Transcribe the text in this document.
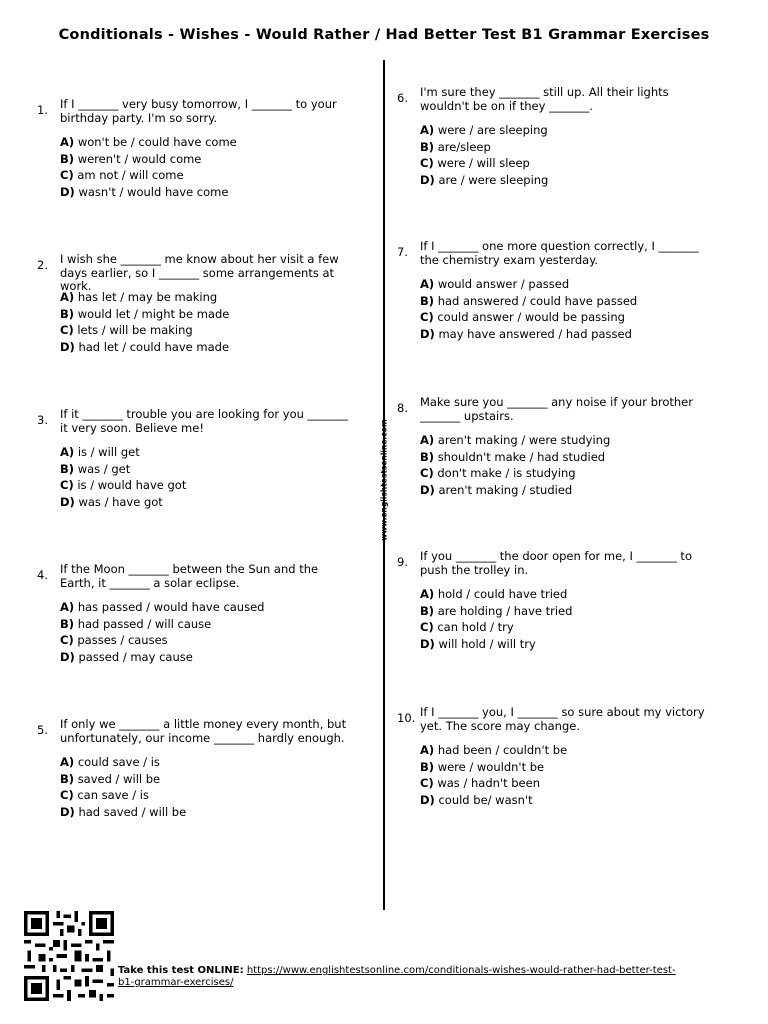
Conditionals - Wishes - Would Rather / Had Better Test B1 Grammar Exercises
www.englishtestsonline.com
1. If I _______ very busy tomorrow, I _______ to your birthday party. I'm so sorry.
A) won't be / could have come
B) weren't / would come
C) am not / will come
D) wasn't / would have come
2. I wish she _______ me know about her visit a few days earlier, so I _______ some arrangements at work.
A) has let / may be making
B) would let / might be made
C) lets / will be making
D) had let / could have made
3. If it _______ trouble you are looking for you _______ it very soon. Believe me!
A) is / will get
B) was / get
C) is / would have got
D) was / have got
4. If the Moon _______ between the Sun and the Earth, it _______ a solar eclipse.
A) has passed / would have caused
B) had passed / will cause
C) passes / causes
D) passed / may cause
5. If only we _______ a little money every month, but unfortunately, our income _______ hardly enough.
A) could save / is
B) saved / will be
C) can save / is
D) had saved / will be
6. I'm sure they _______ still up. All their lights wouldn't be on if they _______.
A) were / are sleeping
B) are/sleep
C) were / will sleep
D) are / were sleeping
7. If I _______ one more question correctly, I _______ the chemistry exam yesterday.
A) would answer / passed
B) had answered / could have passed
C) could answer / would be passing
D) may have answered / had passed
8. Make sure you _______ any noise if your brother _______ upstairs.
A) aren't making / were studying
B) shouldn't make / had studied
C) don't make / is studying
D) aren't making / studied
9. If you _______ the door open for me, I _______ to push the trolley in.
A) hold / could have tried
B) are holding / have tried
C) can hold / try
D) will hold / will try
10. If I _______ you, I _______ so sure about my victory yet. The score may change.
A) had been / couldn't be
B) were / wouldn't be
C) was / hadn't been
D) could be/ wasn't
Take this test ONLINE: https://www.englishtestsonline.com/conditionals-wishes-would-rather-had-better-test-b1-grammar-exercises/
